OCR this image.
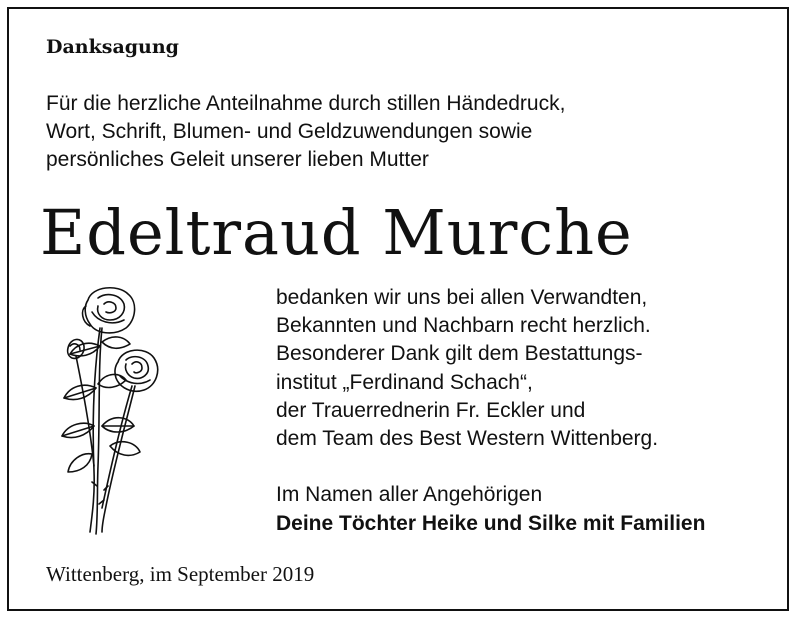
Danksagung
Für die herzliche Anteilnahme durch stillen Händedruck,
Wort, Schrift, Blumen- und Geldzuwendungen sowie
persönliches Geleit unserer lieben Mutter
Edeltraud Murche
bedanken wir uns bei allen Verwandten,
Bekannten und Nachbarn recht herzlich.
Besonderer Dank gilt dem Bestattungs-
institut „Ferdinand Schach“,
der Trauerrednerin Fr. Eckler und
dem Team des Best Western Wittenberg.
Im Namen aller Angehörigen
Deine Töchter Heike und Silke mit Familien
Wittenberg, im September 2019
